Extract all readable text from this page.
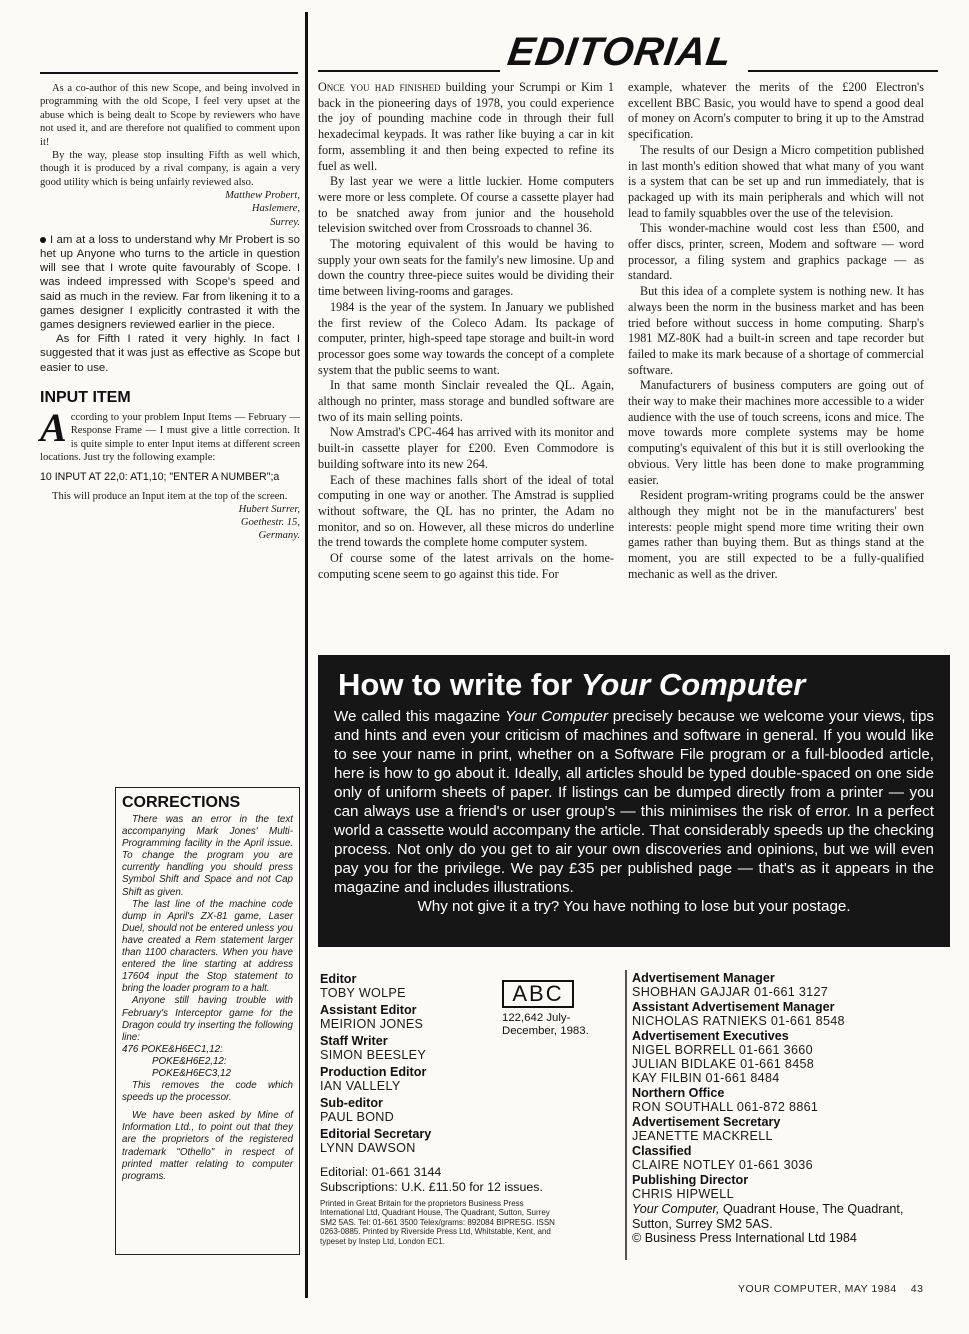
As a co-author of this new Scope, and being involved in programming with the old Scope, I feel very upset at the abuse which is being dealt to Scope by reviewers who have not used it, and are therefore not qualified to comment upon it!
By the way, please stop insulting Fifth as well which, though it is produced by a rival company, is again a very good utility which is being unfairly reviewed also.
Matthew Probert,
Haslemere,
Surrey.
I am at a loss to understand why Mr Probert is so het up Anyone who turns to the article in question will see that I wrote quite favourably of Scope. I was indeed impressed with Scope's speed and said as much in the review. Far from likening it to a games designer I explicitly contrasted it with the games designers reviewed earlier in the piece.
As for Fifth I rated it very highly. In fact I suggested that it was just as effective as Scope but easier to use.
INPUT ITEM
According to your problem Input Items — February — Response Frame — I must give a little correction. It is quite simple to enter Input items at different screen locations. Just try the following example:
10 INPUT AT 22,0: AT1,10; "ENTER A NUMBER";a
This will produce an Input item at the top of the screen.
Hubert Surrer,
Goethestr. 15,
Germany.
CORRECTIONS

There was an error in the text accompanying Mark Jones' Multi-Programming facility in the April issue. To change the program you are currently handling you should press Symbol Shift and Space and not Cap Shift as given.

The last line of the machine code dump in April's ZX-81 game, Laser Duel, should not be entered unless you have created a Rem statement larger than 1100 characters. When you have entered the line starting at address 17604 input the Stop statement to bring the loader program to a halt.

Anyone still having trouble with February's Interceptor game for the Dragon could try inserting the following line:

476 POKE&H6EC1,12:
POKE&H6E2,12:
POKE&H6EC3,12

This removes the code which speeds up the processor.

We have been asked by Mine of Information Ltd., to point out that they are the proprietors of the registered trademark "Othello" in respect of printed matter relating to computer programs.

EDITORIAL

Once you had finished building your Scrumpi or Kim 1 back in the pioneering days of 1978, you could experience the joy of pounding machine code in through their full hexadecimal keypads. It was rather like buying a car in kit form, assembling it and then being expected to refine its fuel as well.

By last year we were a little luckier. Home computers were more or less complete. Of course a cassette player had to be snatched away from junior and the household television switched over from Crossroads to channel 36.

The motoring equivalent of this would be having to supply your own seats for the family's new limosine. Up and down the country three-piece suites would be dividing their time between living-rooms and garages.

1984 is the year of the system. In January we published the first review of the Coleco Adam. Its package of computer, printer, high-speed tape storage and built-in word processor goes some way towards the concept of a complete system that the public seems to want.

In that same month Sinclair revealed the QL. Again, although no printer, mass storage and bundled software are two of its main selling points.

Now Amstrad's CPC-464 has arrived with its monitor and built-in cassette player for £200. Even Commodore is building software into its new 264.

Each of these machines falls short of the ideal of total computing in one way or another. The Amstrad is supplied without software, the QL has no printer, the Adam no monitor, and so on. However, all these micros do underline the trend towards the complete home computer system.

Of course some of the latest arrivals on the home-computing scene seem to go against this tide. For

example, whatever the merits of the £200 Electron's excellent BBC Basic, you would have to spend a good deal of money on Acorn's computer to bring it up to the Amstrad specification.

The results of our Design a Micro competition published in last month's edition showed that what many of you want is a system that can be set up and run immediately, that is packaged up with its main peripherals and which will not lead to family squabbles over the use of the television.

This wonder-machine would cost less than £500, and offer discs, printer, screen, Modem and software — word processor, a filing system and graphics package — as standard.

But this idea of a complete system is nothing new. It has always been the norm in the business market and has been tried before without success in home computing. Sharp's 1981 MZ-80K had a built-in screen and tape recorder but failed to make its mark because of a shortage of commercial software.

Manufacturers of business computers are going out of their way to make their machines more accessible to a wider audience with the use of touch screens, icons and mice. The move towards more complete systems may be home computing's equivalent of this but it is still overlooking the obvious. Very little has been done to make programming easier.

Resident program-writing programs could be the answer although they might not be in the manufacturers' best interests: people might spend more time writing their own games rather than buying them. But as things stand at the moment, you are still expected to be a fully-qualified mechanic as well as the driver.

How to write for Your Computer
We called this magazine Your Computer precisely because we welcome your views, tips and hints and even your criticism of machines and software in general. If you would like to see your name in print, whether on a Software File program or a full-blooded article, here is how to go about it. Ideally, all articles should be typed double-spaced on one side only of uniform sheets of paper. If listings can be dumped directly from a printer — you can always use a friend's or user group's — this minimises the risk of error. In a perfect world a cassette would accompany the article. That considerably speeds up the checking process. Not only do you get to air your own discoveries and opinions, but we will even pay you for the privilege. We pay £35 per published page — that's as it appears in the magazine and includes illustrations.
Why not give it a try? You have nothing to lose but your postage.
Editor
TOBY WOLPE
Assistant Editor
MEIRION JONES
Staff Writer
SIMON BEESLEY
Production Editor
IAN VALLELY
Sub-editor
PAUL BOND
Editorial Secretary
LYNN DAWSON
ABC
122,642 July-December, 1983.
Editorial: 01-661 3144
Subscriptions: U.K. £11.50 for 12 issues.
Printed in Great Britain for the proprietors Business Press International Ltd, Quadrant House, The Quadrant, Sutton, Surrey SM2 5AS. Tel: 01-661 3500 Telex/grams: 892084 BIPRESG. ISSN 0263-0885. Printed by Riverside Press Ltd, Whitstable, Kent, and typeset by Instep Ltd, London EC1.
Advertisement Manager
SHOBHAN GAJJAR 01-661 3127
Assistant Advertisement Manager
NICHOLAS RATNIEKS 01-661 8548
Advertisement Executives
NIGEL BORRELL 01-661 3660
JULIAN BIDLAKE 01-661 8458
KAY FILBIN 01-661 8484
Northern Office
RON SOUTHALL 061-872 8861
Advertisement Secretary
JEANETTE MACKRELL
Classified
CLAIRE NOTLEY 01-661 3036
Publishing Director
CHRIS HIPWELL
Your Computer, Quadrant House, The Quadrant, Sutton, Surrey SM2 5AS.
© Business Press International Ltd 1984
YOUR COMPUTER, MAY 1984 43
